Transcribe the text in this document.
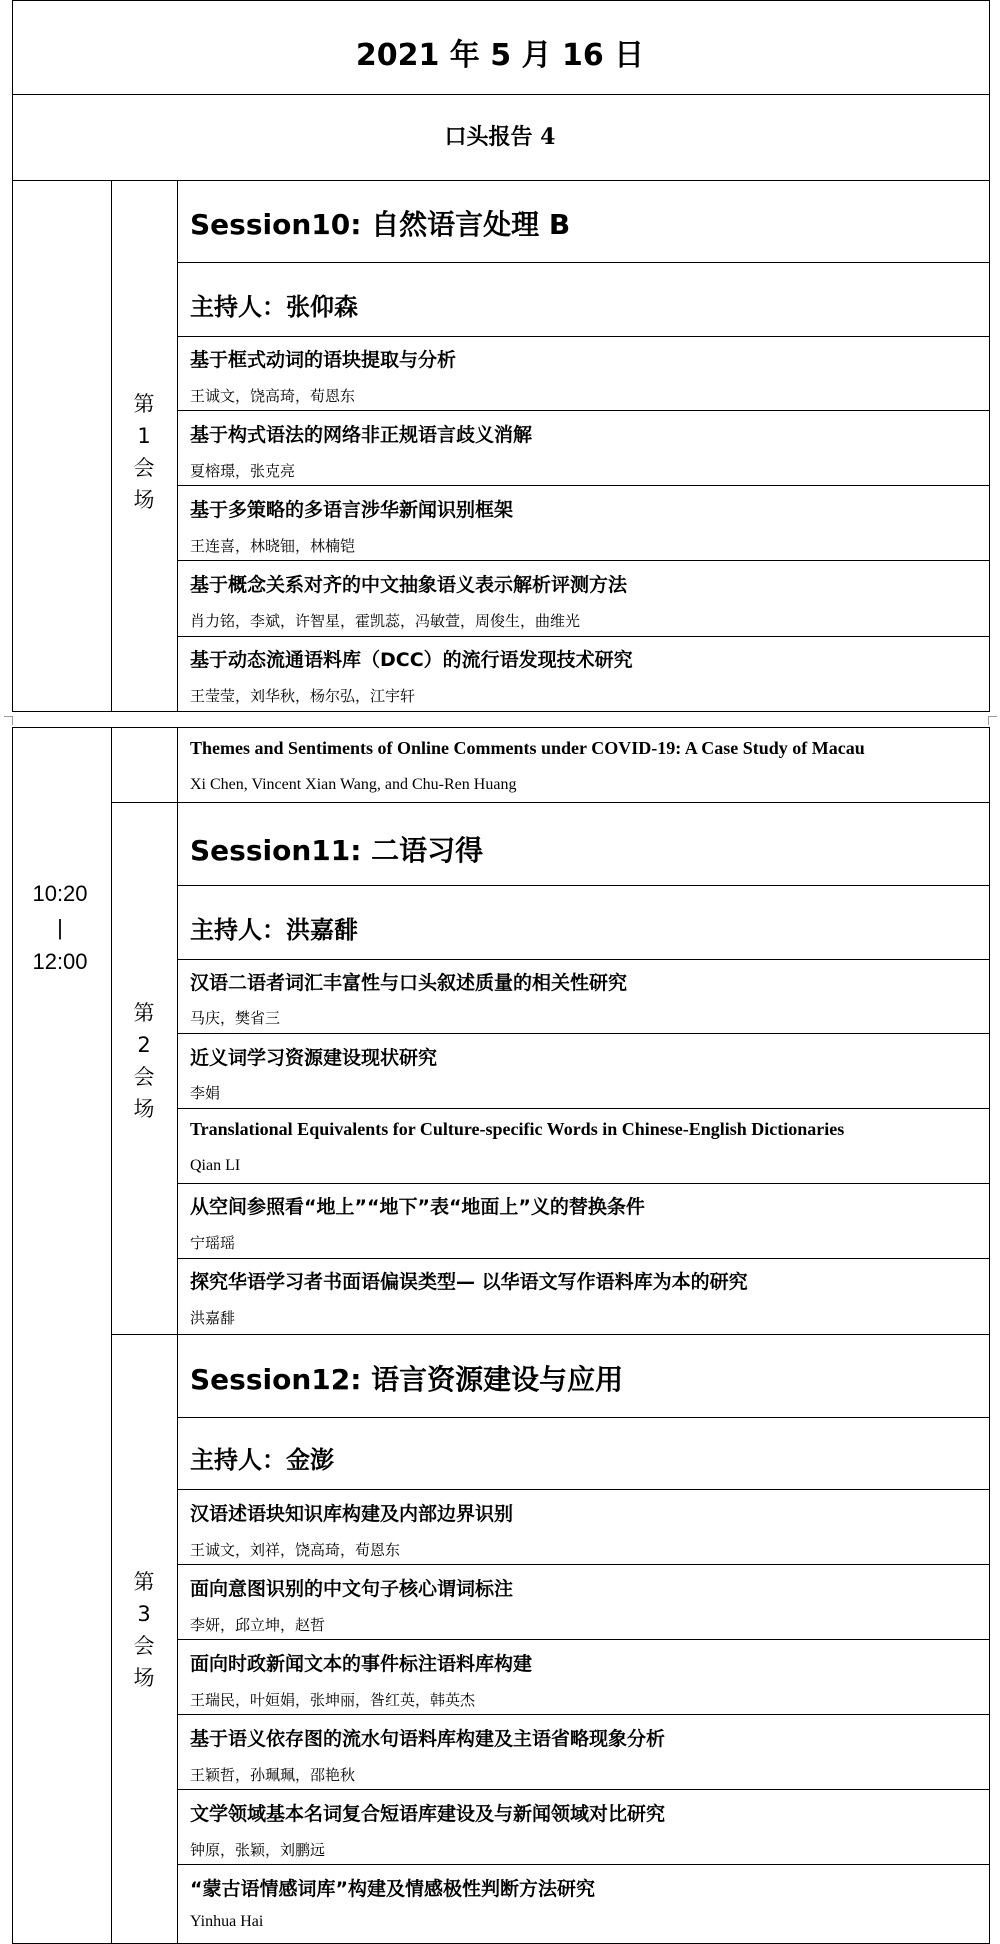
2021 年 5 月 16 日
口头报告 4
第
1
会
场
Session10: 自然语言处理 B
主持人：张仰森
基于框式动词的语块提取与分析
王诚文，饶高琦，荀恩东
基于构式语法的网络非正规语言歧义消解
夏榕璟，张克亮
基于多策略的多语言涉华新闻识别框架
王连喜，林晓钿，林楠铠
基于概念关系对齐的中文抽象语义表示解析评测方法
肖力铭，李斌，许智星，霍凯蕊，冯敏萱，周俊生，曲维光
基于动态流通语料库（DCC）的流行语发现技术研究
王莹莹，刘华秋，杨尔弘，江宇轩
10:20
|
12:00
Themes and Sentiments of Online Comments under COVID-19: A Case Study of Macau
Xi Chen, Vincent Xian Wang, and Chu-Ren Huang
第
2
会
场
Session11: 二语习得
主持人：洪嘉馡
汉语二语者词汇丰富性与口头叙述质量的相关性研究
马庆，樊省三
近义词学习资源建设现状研究
李娟
Translational Equivalents for Culture-specific Words in Chinese-English Dictionaries
Qian LI
从空间参照看“地上”“地下”表“地面上”义的替换条件
宁瑶瑶
探究华语学习者书面语偏误类型— 以华语文写作语料库为本的研究
洪嘉馡
第
3
会
场
Session12: 语言资源建设与应用
主持人：金澎
汉语述语块知识库构建及内部边界识别
王诚文，刘祥，饶高琦，荀恩东
面向意图识别的中文句子核心谓词标注
李妍，邱立坤，赵哲
面向时政新闻文本的事件标注语料库构建
王瑞民，叶姮娟，张坤丽，昝红英，韩英杰
基于语义依存图的流水句语料库构建及主语省略现象分析
王颖哲，孙珮珮，邵艳秋
文学领域基本名词复合短语库建设及与新闻领域对比研究
钟原，张颖，刘鹏远
“蒙古语情感词库”构建及情感极性判断方法研究
Yinhua Hai
